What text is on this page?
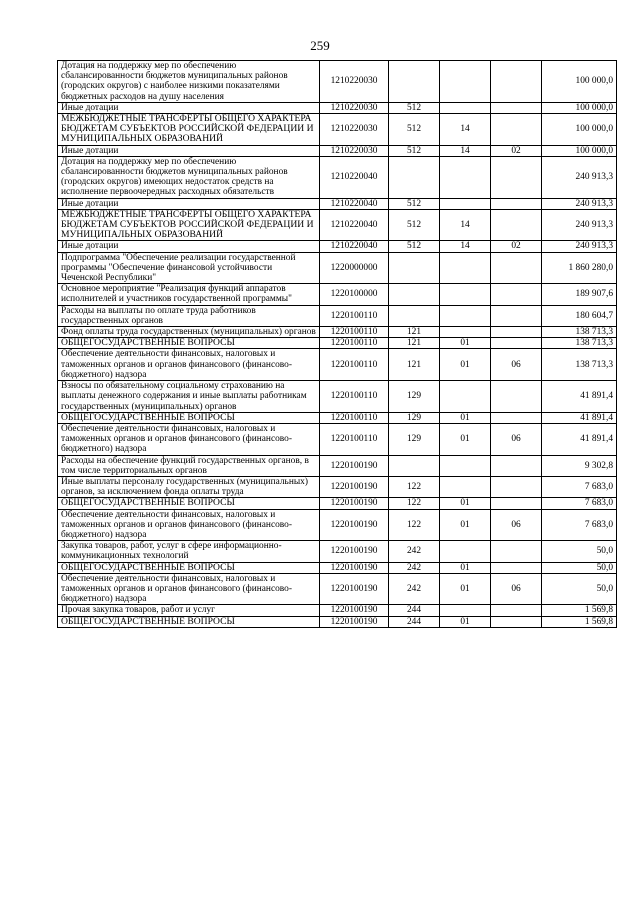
259
Дотация на поддержку мер по обеспечению сбалансированности бюджетов муниципальных районов (городских округов) с наиболее низкими показателями бюджетных расходов на душу населения	1210220030				100 000,0
Иные дотации	1210220030	512			100 000,0
МЕЖБЮДЖЕТНЫЕ ТРАНСФЕРТЫ ОБЩЕГО ХАРАКТЕРА БЮДЖЕТАМ СУБЪЕКТОВ РОССИЙСКОЙ ФЕДЕРАЦИИ И МУНИЦИПАЛЬНЫХ ОБРАЗОВАНИЙ	1210220030	512	14		100 000,0
Иные дотации	1210220030	512	14	02	100 000,0
Дотация на поддержку мер по обеспечению сбалансированности бюджетов муниципальных районов (городских округов) имеющих недостаток средств на исполнение первоочередных расходных обязательств	1210220040				240 913,3
Иные дотации	1210220040	512			240 913,3
МЕЖБЮДЖЕТНЫЕ ТРАНСФЕРТЫ ОБЩЕГО ХАРАКТЕРА БЮДЖЕТАМ СУБЪЕКТОВ РОССИЙСКОЙ ФЕДЕРАЦИИ И МУНИЦИПАЛЬНЫХ ОБРАЗОВАНИЙ	1210220040	512	14		240 913,3
Иные дотации	1210220040	512	14	02	240 913,3
Подпрограмма "Обеспечение реализации государственной программы "Обеспечение финансовой устойчивости Чеченской Республики"	1220000000				1 860 280,0
Основное мероприятие "Реализация функций аппаратов исполнителей и участников государственной программы"	1220100000				189 907,6
Расходы на выплаты по оплате труда работников государственных органов	1220100110				180 604,7
Фонд оплаты труда государственных (муниципальных) органов	1220100110	121			138 713,3
ОБЩЕГОСУДАРСТВЕННЫЕ ВОПРОСЫ	1220100110	121	01		138 713,3
Обеспечение деятельности финансовых, налоговых и таможенных органов и органов финансового (финансово-бюджетного) надзора	1220100110	121	01	06	138 713,3
Взносы по обязательному социальному страхованию на выплаты денежного содержания и иные выплаты работникам государственных (муниципальных) органов	1220100110	129			41 891,4
ОБЩЕГОСУДАРСТВЕННЫЕ ВОПРОСЫ	1220100110	129	01		41 891,4
Обеспечение деятельности финансовых, налоговых и таможенных органов и органов финансового (финансово-бюджетного) надзора	1220100110	129	01	06	41 891,4
Расходы на обеспечение функций государственных органов, в том числе территориальных органов	1220100190				9 302,8
Иные выплаты персоналу государственных (муниципальных) органов, за исключением фонда оплаты труда	1220100190	122			7 683,0
ОБЩЕГОСУДАРСТВЕННЫЕ ВОПРОСЫ	1220100190	122	01		7 683,0
Обеспечение деятельности финансовых, налоговых и таможенных органов и органов финансового (финансово-бюджетного) надзора	1220100190	122	01	06	7 683,0
Закупка товаров, работ, услуг в сфере информационно-коммуникационных технологий	1220100190	242			50,0
ОБЩЕГОСУДАРСТВЕННЫЕ ВОПРОСЫ	1220100190	242	01		50,0
Обеспечение деятельности финансовых, налоговых и таможенных органов и органов финансового (финансово-бюджетного) надзора	1220100190	242	01	06	50,0
Прочая закупка товаров, работ и услуг	1220100190	244			1 569,8
ОБЩЕГОСУДАРСТВЕННЫЕ ВОПРОСЫ	1220100190	244	01		1 569,8
